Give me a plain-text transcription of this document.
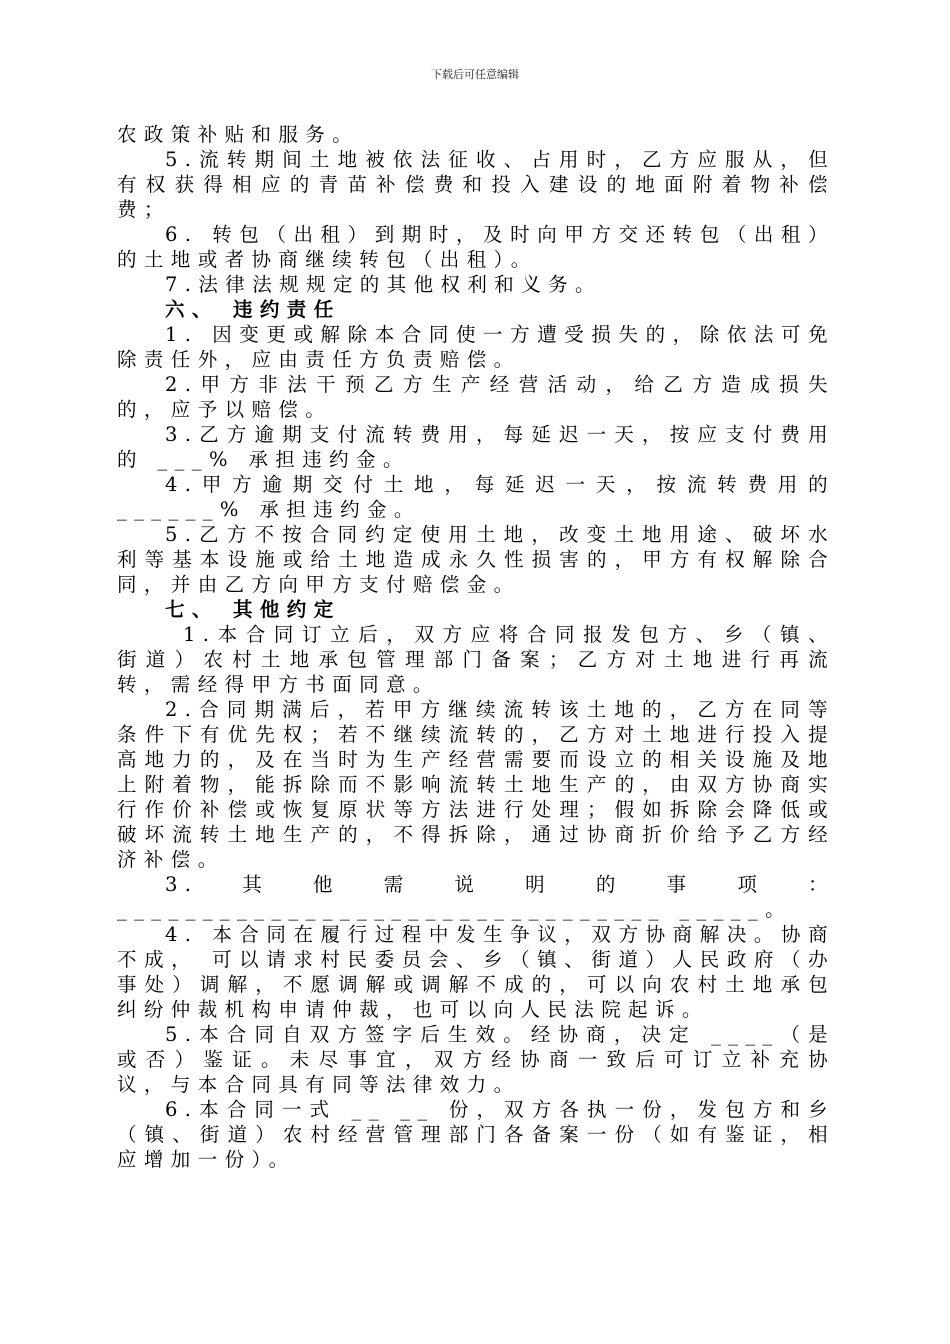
下载后可任意编辑

农政策补贴和服务。

5.流转期间土地被依法征收、占用时，乙方应服从，但有权获得相应的青苗补偿费和投入建设的地面附着物补偿费；

6. 转包（出租）到期时，及时向甲方交还转包（出租）的土地或者协商继续转包（出租）。

7.法律法规规定的其他权利和义务。

六、 违约责任

1. 因变更或解除本合同使一方遭受损失的，除依法可免除责任外，应由责任方负责赔偿。

2.甲方非法干预乙方生产经营活动，给乙方造成损失的，应予以赔偿。

3.乙方逾期支付流转费用，每延迟一天，按应支付费用的 ___% 承担违约金。

4.甲方逾期交付土地，每延迟一天，按流转费用的 ______% 承担违约金。

5.乙方不按合同约定使用土地，改变土地用途、破坏水利等基本设施或给土地造成永久性损害的，甲方有权解除合同，并由乙方向甲方支付赔偿金。

七、 其他约定

1.本合同订立后，双方应将合同报发包方、乡（镇、街道）农村土地承包管理部门备案；乙方对土地进行再流转，需经得甲方书面同意。

2.合同期满后，若甲方继续流转该土地的，乙方在同等条件下有优先权；若不继续流转的，乙方对土地进行投入提高地力的，及在当时为生产经营需要而设立的相关设施及地上附着物，能拆除而不影响流转土地生产的，由双方协商实行作价补偿或恢复原状等方法进行处理；假如拆除会降低或破坏流转土地生产的，不得拆除，通过协商折价给予乙方经济补偿。

3.其他需说明的事项：________________________________ _____。

4. 本合同在履行过程中发生争议，双方协商解决。协商不成， 可以请求村民委员会、乡（镇、街道）人民政府（办事处）调解，不愿调解或调解不成的，可以向农村土地承包纠纷仲裁机构申请仲裁，也可以向人民法院起诉。

5.本合同自双方签字后生效。经协商，决定 ____（是或否）鉴证。未尽事宜，双方经协商一致后可订立补充协议，与本合同具有同等法律效力。

6.本合同一式 __ __ 份，双方各执一份，发包方和乡（镇、街道）农村经营管理部门各备案一份（如有鉴证，相应增加一份）。
